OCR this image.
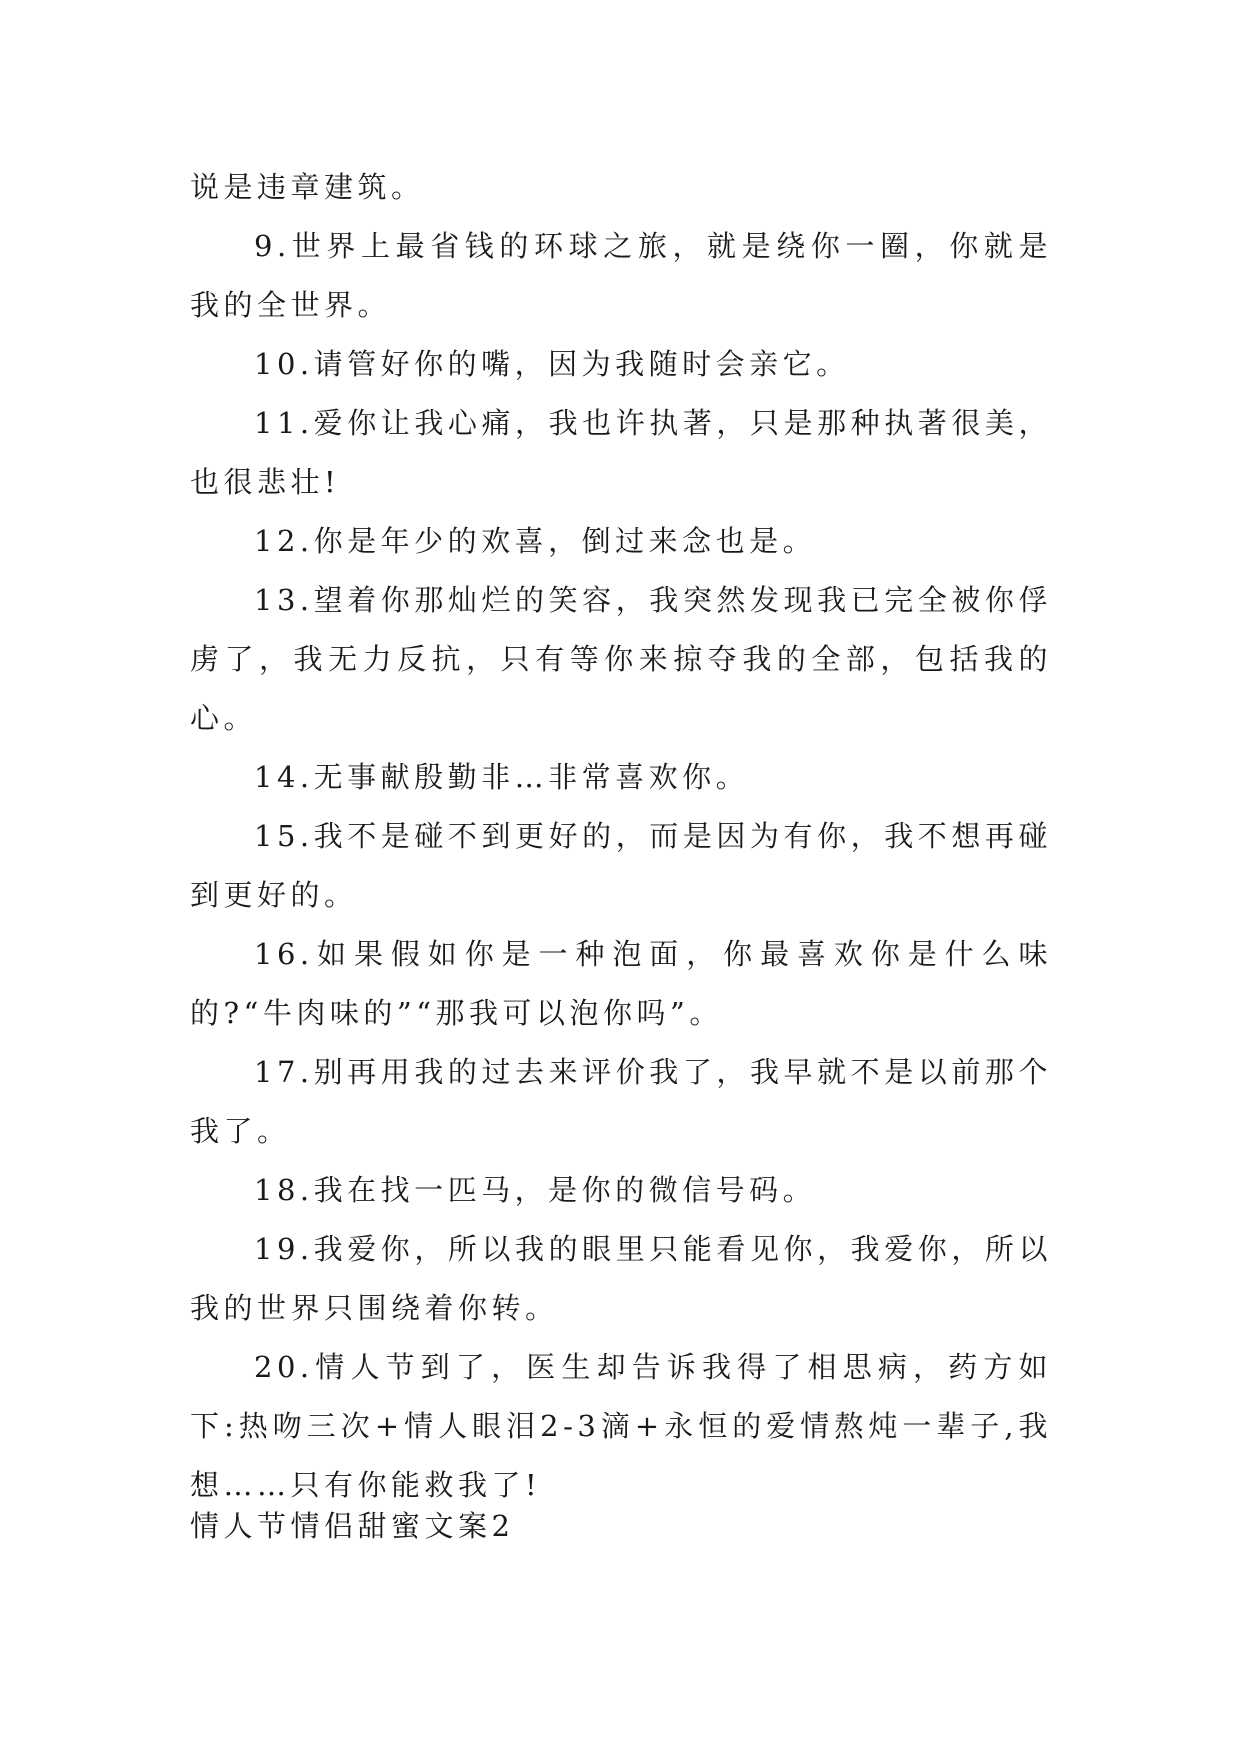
说是违章建筑。

9.世界上最省钱的环球之旅，就是绕你一圈，你就是我的全世界。

10.请管好你的嘴，因为我随时会亲它。

11.爱你让我心痛，我也许执著，只是那种执著很美，也很悲壮!

12.你是年少的欢喜，倒过来念也是。

13.望着你那灿烂的笑容，我突然发现我已完全被你俘虏了，我无力反抗，只有等你来掠夺我的全部，包括我的心。

14.无事献殷勤非…非常喜欢你。

15.我不是碰不到更好的，而是因为有你，我不想再碰到更好的。

16.如果假如你是一种泡面，你最喜欢你是什么味的?“牛肉味的”“那我可以泡你吗”。

17.别再用我的过去来评价我了，我早就不是以前那个我了。

18.我在找一匹马，是你的微信号码。

19.我爱你，所以我的眼里只能看见你，我爱你，所以我的世界只围绕着你转。

20.情人节到了，医生却告诉我得了相思病，药方如下:热吻三次+情人眼泪2-3滴+永恒的爱情熬炖一辈子,我想……只有你能救我了!

情人节情侣甜蜜文案2
